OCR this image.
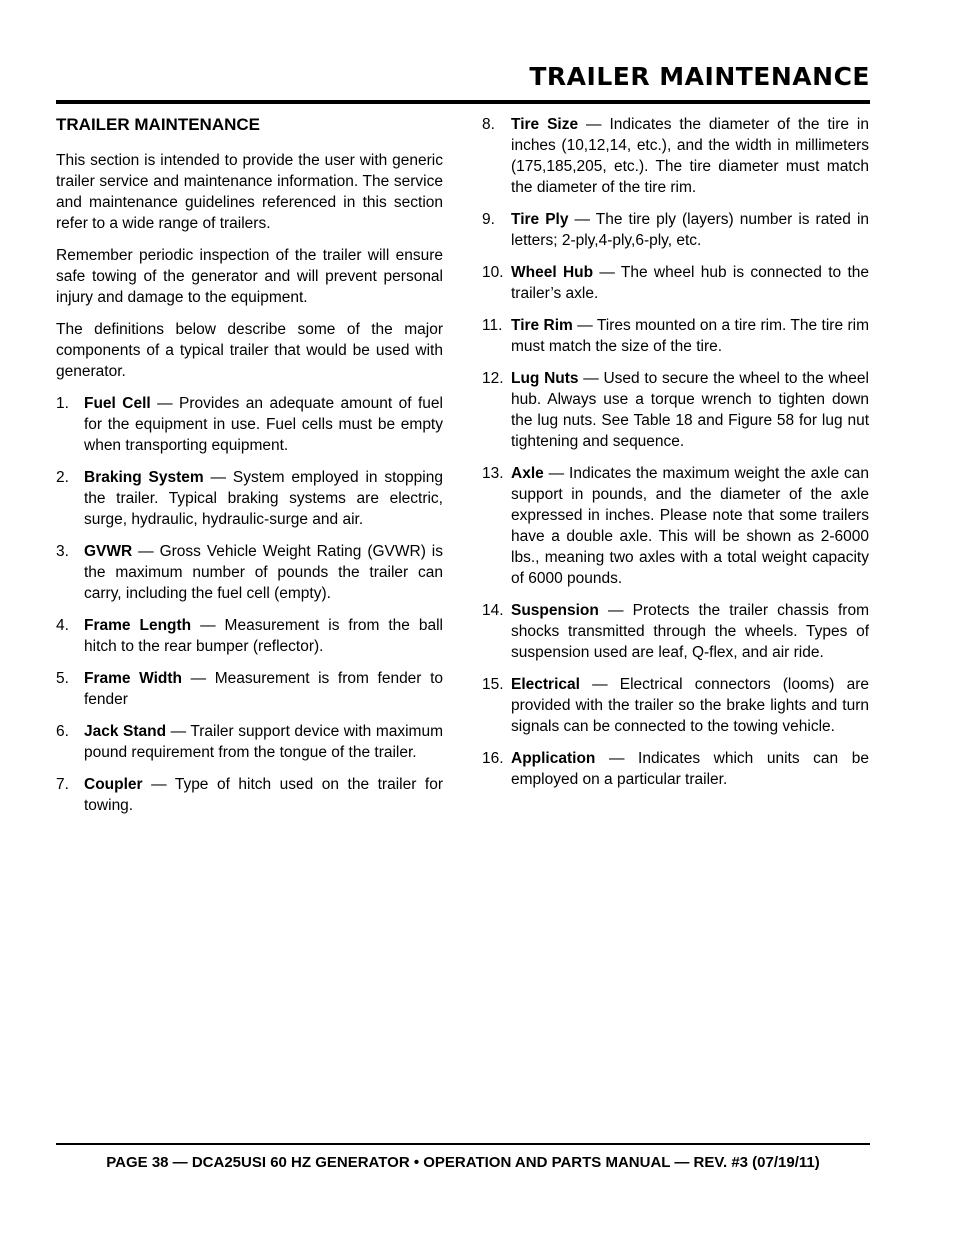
TRAILER MAINTENANCE
TRAILER MAINTENANCE

This section is intended to provide the user with generic trailer service and maintenance information. The service and maintenance guidelines referenced in this section refer to a wide range of trailers.

Remember periodic inspection of the trailer will ensure safe towing of the generator and will prevent personal injury and damage to the equipment.

The definitions below describe some of the major components of a typical trailer that would be used with generator.

1. Fuel Cell — Provides an adequate amount of fuel for the equipment in use. Fuel cells must be empty when transporting equipment.
2. Braking System — System employed in stopping the trailer. Typical braking systems are electric, surge, hydraulic, hydraulic-surge and air.
3. GVWR — Gross Vehicle Weight Rating (GVWR) is the maximum number of pounds the trailer can carry, including the fuel cell (empty).
4. Frame Length — Measurement is from the ball hitch to the rear bumper (reflector).
5. Frame Width — Measurement is from fender to fender
6. Jack Stand — Trailer support device with maximum pound requirement from the tongue of the trailer.
7. Coupler — Type of hitch used on the trailer for towing.
8. Tire Size — Indicates the diameter of the tire in inches (10,12,14, etc.), and the width in millimeters (175,185,205, etc.). The tire diameter must match the diameter of the tire rim.
9. Tire Ply — The tire ply (layers) number is rated in letters; 2-ply,4-ply,6-ply, etc.
10. Wheel Hub — The wheel hub is connected to the trailer’s axle.
11. Tire Rim — Tires mounted on a tire rim. The tire rim must match the size of the tire.
12. Lug Nuts — Used to secure the wheel to the wheel hub. Always use a torque wrench to tighten down the lug nuts. See Table 18 and Figure 58 for lug nut tightening and sequence.
13. Axle — Indicates the maximum weight the axle can support in pounds, and the diameter of the axle expressed in inches. Please note that some trailers have a double axle. This will be shown as 2-6000 lbs., meaning two axles with a total weight capacity of 6000 pounds.
14. Suspension — Protects the trailer chassis from shocks transmitted through the wheels. Types of suspension used are leaf, Q-flex, and air ride.
15. Electrical — Electrical connectors (looms) are provided with the trailer so the brake lights and turn signals can be connected to the towing vehicle.
16. Application — Indicates which units can be employed on a particular trailer.
PAGE 38 — DCA25USI 60 HZ GENERATOR • OPERATION AND PARTS MANUAL — REV. #3 (07/19/11)
